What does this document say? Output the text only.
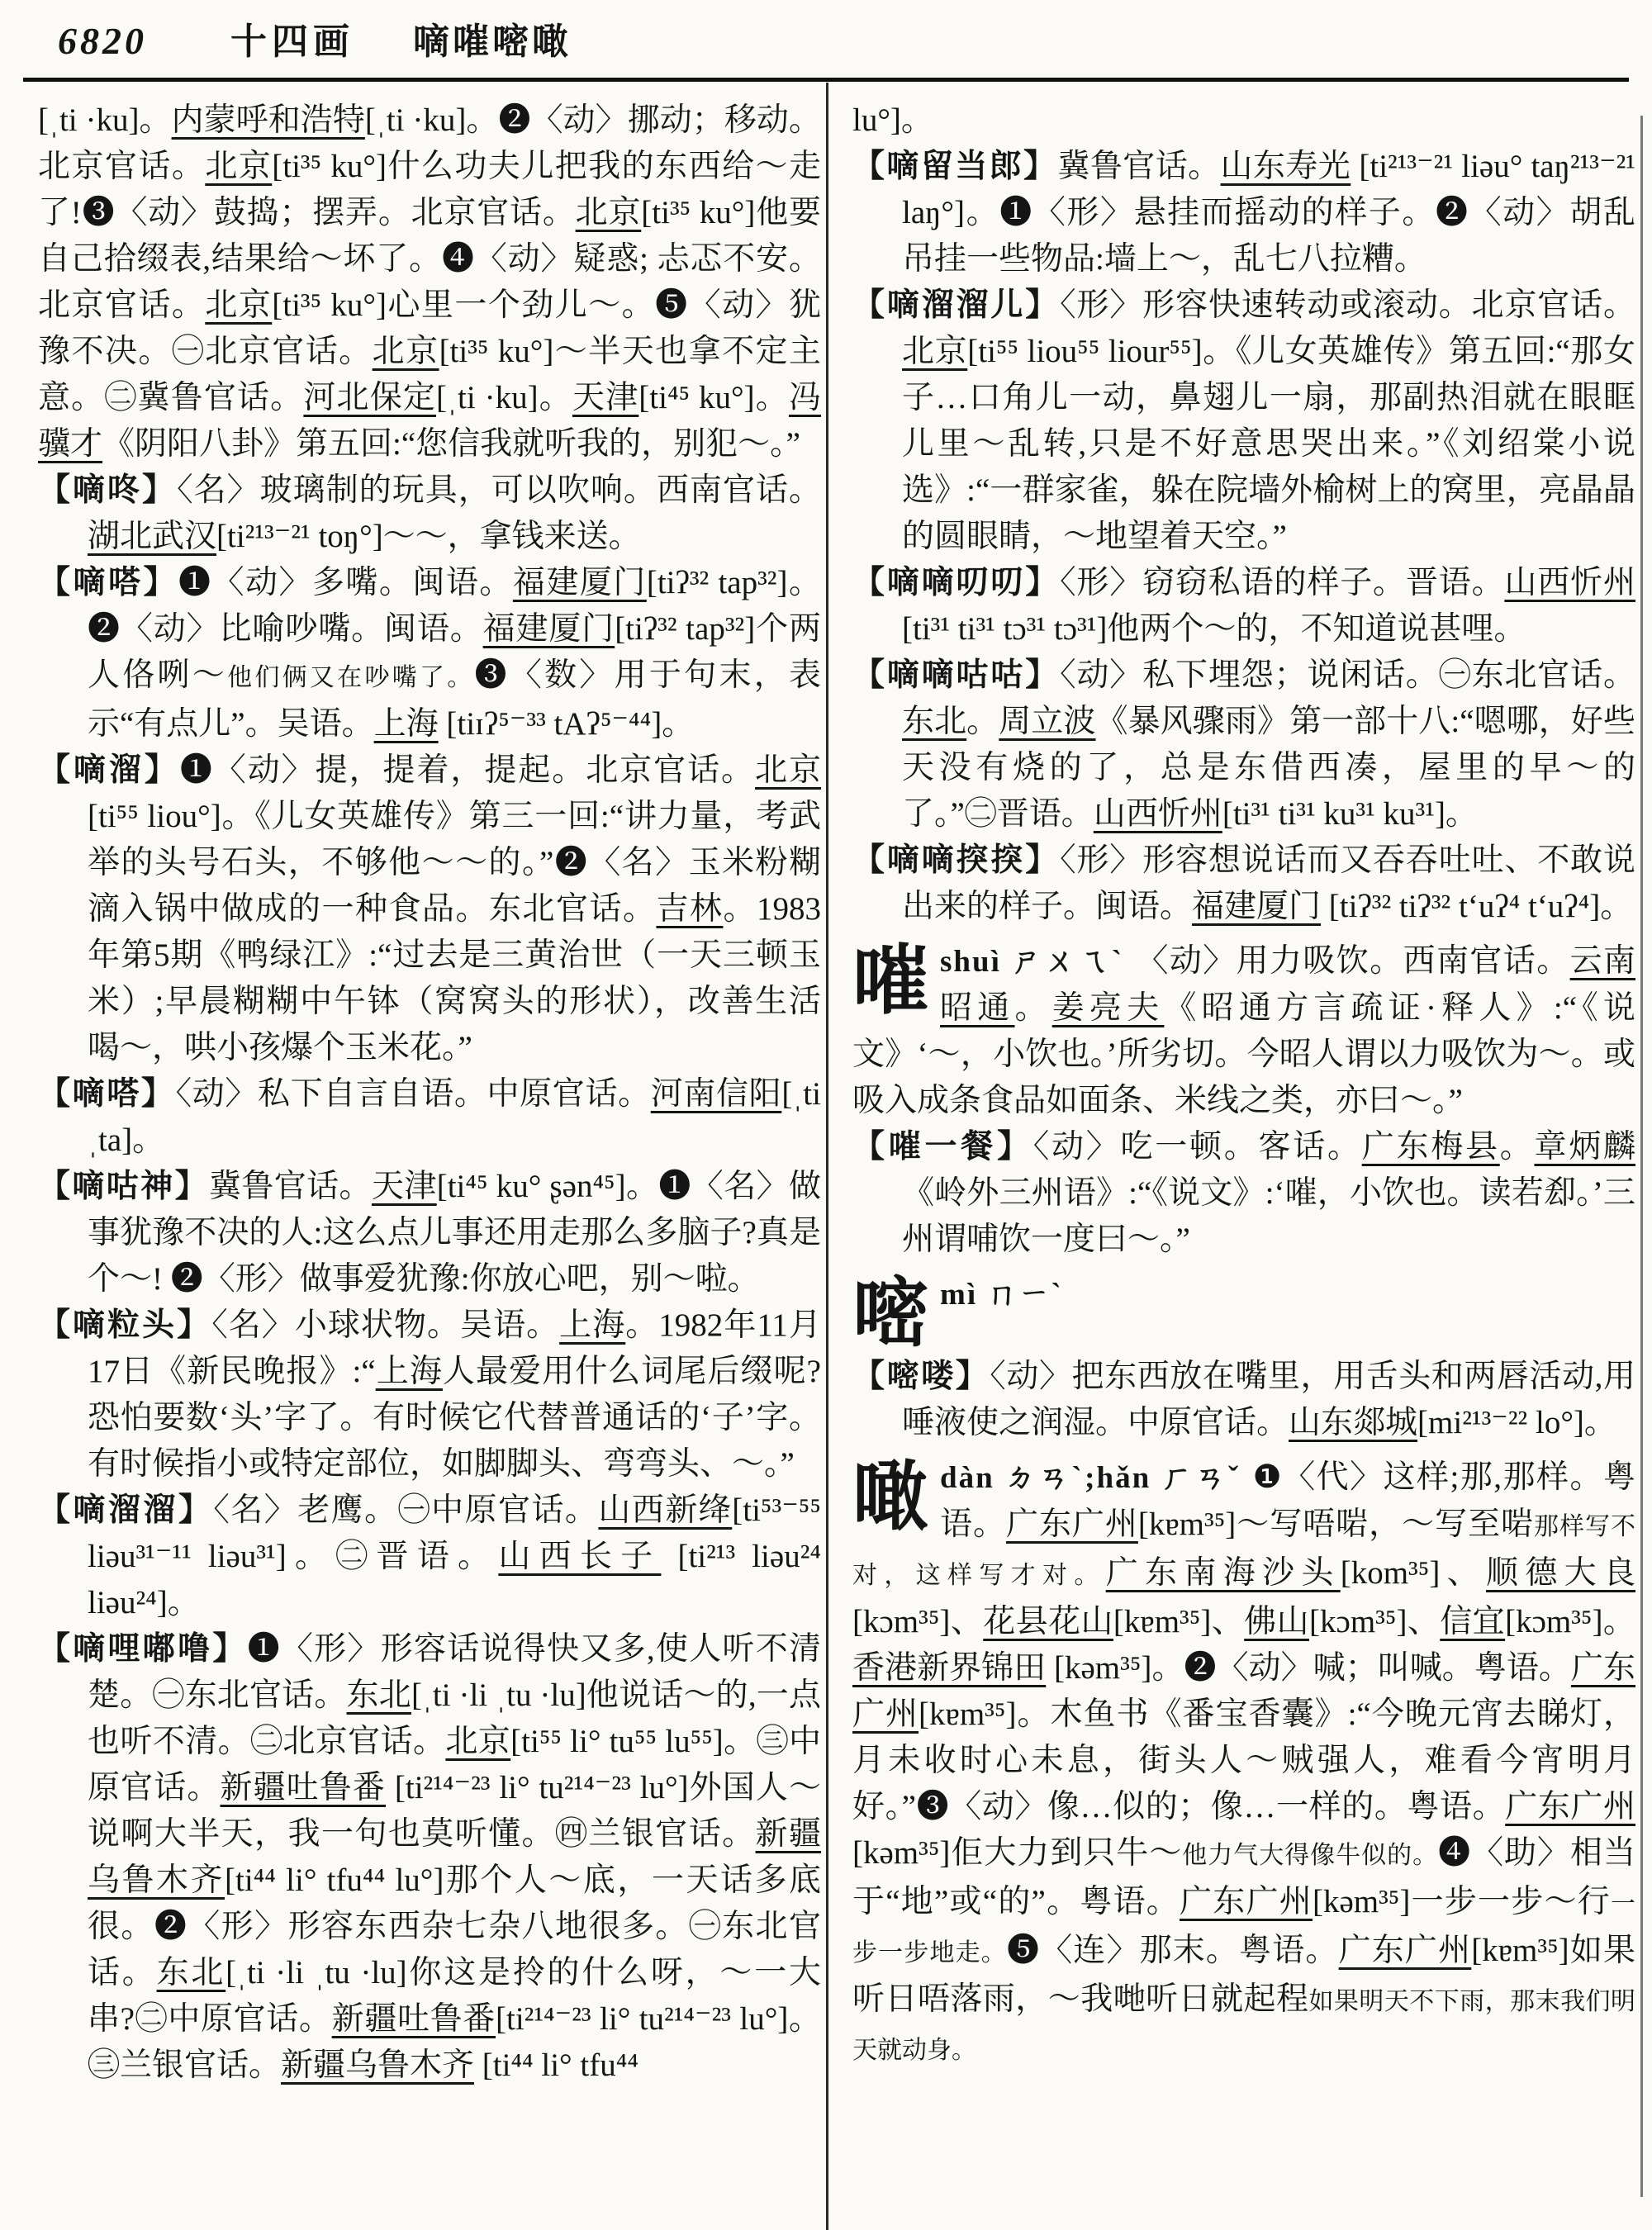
6820 十四画 嘀嗺嘧噉

[ˌti ·ku]。内蒙呼和浩特[ˌti ·ku]。❷〈动〉挪动；移动。北京官话。北京[ti³⁵ ku°]什么功夫儿把我的东西给～走了!❸〈动〉鼓捣；摆弄。北京官话。北京[ti³⁵ ku°]他要自己拾缀表,结果给～坏了。❹〈动〉疑惑; 忐忑不安。北京官话。北京[ti³⁵ ku°]心里一个劲儿～。❺〈动〉犹豫不决。㊀北京官话。北京[ti³⁵ ku°]～半天也拿不定主意。㊁冀鲁官话。河北保定[ˌti ·ku]。天津[ti⁴⁵ ku°]。冯骥才《阴阳八卦》第五回:“您信我就听我的，别犯～。”

【嘀咚】〈名〉玻璃制的玩具，可以吹响。西南官话。湖北武汉[ti²¹³⁻²¹ toŋ°]～～，拿钱来送。

【嘀嗒】❶〈动〉多嘴。闽语。福建厦门[tiʔ³² tap³²]。❷〈动〉比喻吵嘴。闽语。福建厦门[tiʔ³² tap³²]个两人佫咧～他们俩又在吵嘴了。❸〈数〉用于句末，表示“有点儿”。吴语。上海 [tiɪʔ⁵⁻³³ tAʔ⁵⁻⁴⁴]。

【嘀溜】❶〈动〉提，提着，提起。北京官话。北京[ti⁵⁵ liou°]。《儿女英雄传》第三一回:“讲力量，考武举的头号石头，不够他～～的。”❷〈名〉玉米粉糊滴入锅中做成的一种食品。东北官话。吉林。1983年第5期《鸭绿江》:“过去是三黄治世（一天三顿玉米）;早晨糊糊中午钵（窝窝头的形状），改善生活喝～，哄小孩爆个玉米花。”

【嘀嗒】〈动〉私下自言自语。中原官话。河南信阳[ˌti ˌta]。

【嘀咕神】冀鲁官话。天津[ti⁴⁵ ku° ʂən⁴⁵]。❶〈名〉做事犹豫不决的人:这么点儿事还用走那么多脑子?真是个～! ❷〈形〉做事爱犹豫:你放心吧，别～啦。

【嘀粒头】〈名〉小球状物。吴语。上海。1982年11月17日《新民晚报》:“上海人最爱用什么词尾后缀呢?恐怕要数‘头’字了。有时候它代替普通话的‘子’字。有时候指小或特定部位，如脚脚头、弯弯头、～。”

【嘀溜溜】〈名〉老鹰。㊀中原官话。山西新绛[ti⁵³⁻⁵⁵ liəu³¹⁻¹¹ liəu³¹]。㊁晋语。山西长子 [ti²¹³ liəu²⁴ liəu²⁴]。

【嘀哩嘟噜】❶〈形〉形容话说得快又多,使人听不清楚。㊀东北官话。东北[ˌti ·li ˌtu ·lu]他说话～的,一点也听不清。㊁北京官话。北京[ti⁵⁵ li° tu⁵⁵ lu⁵⁵]。㊂中原官话。新疆吐鲁番 [ti²¹⁴⁻²³ li° tu²¹⁴⁻²³ lu°]外国人～说啊大半天，我一句也莫听懂。㊃兰银官话。新疆乌鲁木齐[ti⁴⁴ li° tfu⁴⁴ lu°]那个人～底，一天话多底很。❷〈形〉形容东西杂七杂八地很多。㊀东北官话。东北[ˌti ·li ˌtu ·lu]你这是拎的什么呀，～一大串?㊁中原官话。新疆吐鲁番[ti²¹⁴⁻²³ li° tu²¹⁴⁻²³ lu°]。㊂兰银官话。新疆乌鲁木齐 [ti⁴⁴ li° tfu⁴⁴

lu°]。

【嘀留当郎】冀鲁官话。山东寿光 [ti²¹³⁻²¹ liəu° taŋ²¹³⁻²¹ laŋ°]。❶〈形〉悬挂而摇动的样子。❷〈动〉胡乱吊挂一些物品:墙上～，乱七八拉糟。

【嘀溜溜儿】〈形〉形容快速转动或滚动。北京官话。北京[ti⁵⁵ liou⁵⁵ liour⁵⁵]。《儿女英雄传》第五回:“那女子…口角儿一动，鼻翅儿一扇，那副热泪就在眼眶儿里～乱转,只是不好意思哭出来。”《刘绍棠小说选》:“一群家雀，躲在院墙外榆树上的窝里，亮晶晶的圆眼睛，～地望着天空。”

【嘀嘀叨叨】〈形〉窃窃私语的样子。晋语。山西忻州[ti³¹ ti³¹ tɔ³¹ tɔ³¹]他两个～的，不知道说甚哩。

【嘀嘀咕咕】〈动〉私下埋怨；说闲话。㊀东北官话。东北。周立波《暴风骤雨》第一部十八:“嗯哪，好些天没有烧的了，总是东借西凑，屋里的早～的了。”㊁晋语。山西忻州[ti³¹ ti³¹ ku³¹ ku³¹]。

【嘀嘀揬揬】〈形〉形容想说话而又吞吞吐吐、不敢说出来的样子。闽语。福建厦门 [tiʔ³² tiʔ³² tʻuʔ⁴ tʻuʔ⁴]。

嗺shuì ㄕㄨㄟˋ 〈动〉用力吸饮。西南官话。云南昭通。姜亮夫《昭通方言疏证·释人》:“《说文》‘～，小饮也。’所劣切。今昭人谓以力吸饮为～。或吸入成条食品如面条、米线之类，亦曰～。”

【嗺一餐】〈动〉吃一顿。客话。广东梅县。章炳麟《岭外三州语》:“《说文》:‘嗺，小饮也。读若㕁。’三州谓哺饮一度曰～。”

嘧mì ㄇㄧˋ

【嘧喽】〈动〉把东西放在嘴里，用舌头和两唇活动,用唾液使之润湿。中原官话。山东郯城[mi²¹³⁻²² lo°]。

噉dàn ㄉㄢˋ;hǎn ㄏㄢˇ ❶〈代〉这样;那,那样。粤语。广东广州[kɐm³⁵]～写唔啱，～写至啱那样写不对，这样写才对。广东南海沙头[kom³⁵]、顺德大良 [kɔm³⁵]、花县花山[kɐm³⁵]、佛山[kɔm³⁵]、信宜[kɔm³⁵]。香港新界锦田 [kəm³⁵]。❷〈动〉喊；叫喊。粤语。广东广州[kɐm³⁵]。木鱼书《番宝香囊》:“今晚元宵去睇灯，月未收时心未息，街头人～贼强人，难看今宵明月好。”❸〈动〉像…似的；像…一样的。粤语。广东广州[kəm³⁵]佢大力到只牛～他力气大得像牛似的。❹〈助〉相当于“地”或“的”。粤语。广东广州[kəm³⁵]一步一步～行一步一步地走。❺〈连〉那末。粤语。广东广州[kɐm³⁵]如果听日唔落雨，～我哋听日就起程如果明天不下雨，那末我们明天就动身。
